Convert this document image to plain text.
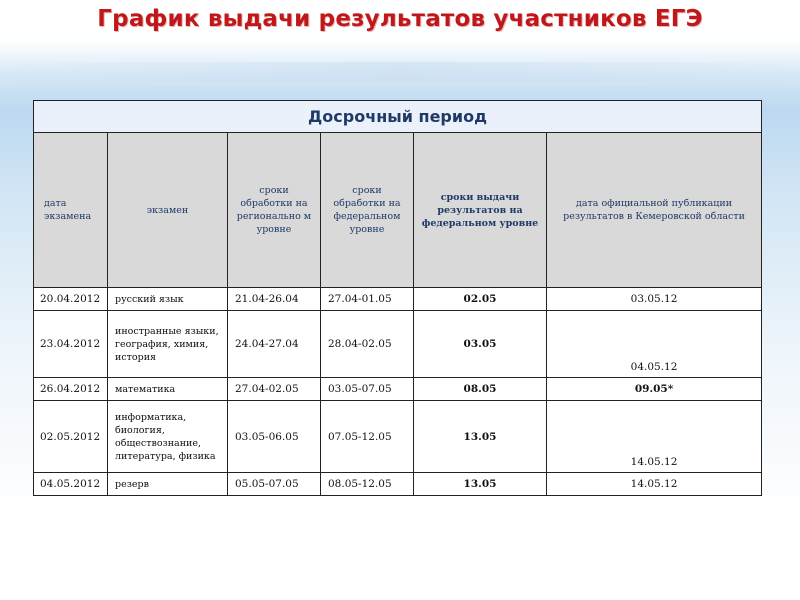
График выдачи результатов участников ЕГЭ
Досрочный период					
дата экзамена	экзамен	сроки обработки на регионально м уровне	сроки обработки на федеральном уровне	сроки выдачи результатов на федеральном уровне	дата официальной публикации результатов в Кемеровской области
20.04.2012	русский язык	21.04-26.04	27.04-01.05	02.05	03.05.12
23.04.2012	иностранные языки, география, химия, история	24.04-27.04	28.04-02.05	03.05	04.05.12
26.04.2012	математика	27.04-02.05	03.05-07.05	08.05	09.05*
02.05.2012	информатика, биология, обществознание, литература, физика	03.05-06.05	07.05-12.05	13.05	14.05.12
04.05.2012	резерв	05.05-07.05	08.05-12.05	13.05	14.05.12
